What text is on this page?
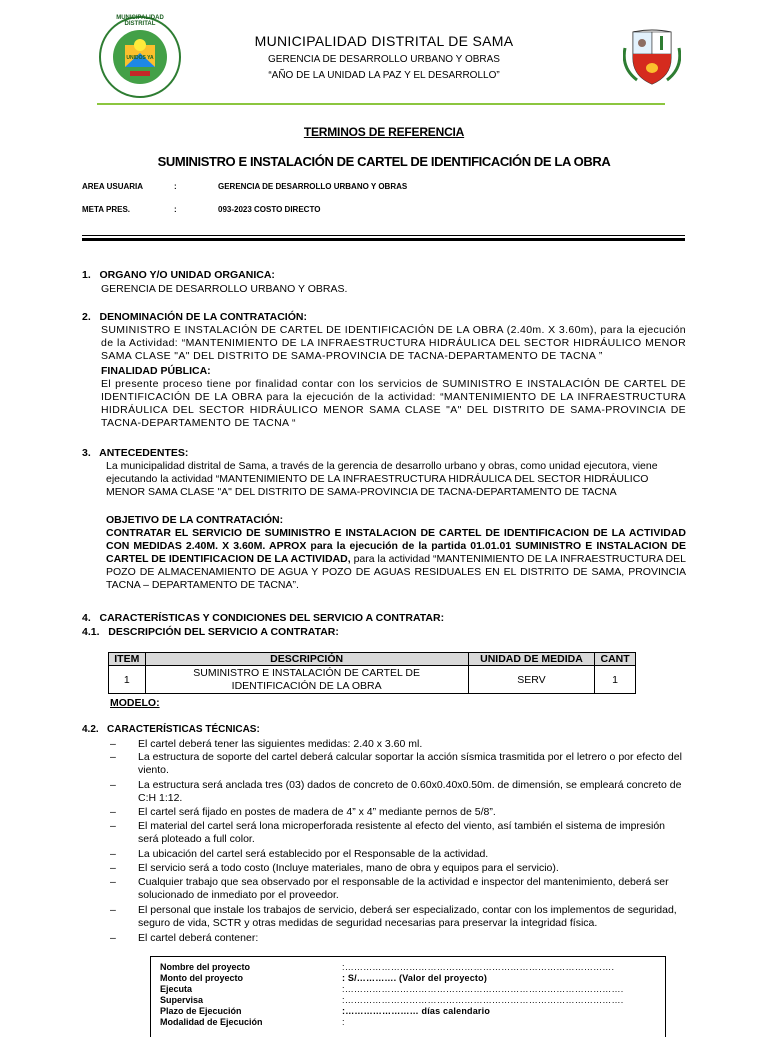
MUNICIPALIDAD DISTRITAL
UNIDOS YA
MUNICIPALIDAD DISTRITAL DE SAMA
GERENCIA DE DESARROLLO URBANO Y OBRAS
“AÑO DE LA UNIDAD LA PAZ Y EL DESARROLLO”
TERMINOS DE REFERENCIA
SUMINISTRO E INSTALACIÓN DE CARTEL DE IDENTIFICACIÓN DE LA OBRA
AREA USUARIA	:	GERENCIA DE DESARROLLO URBANO Y OBRAS
META PRES.	:	093-2023 COSTO DIRECTO
1.   ORGANO Y/O UNIDAD ORGANICA:
GERENCIA DE DESARROLLO URBANO Y OBRAS.
2.   DENOMINACIÓN DE LA CONTRATACIÓN:
SUMINISTRO E INSTALACIÓN DE CARTEL DE IDENTIFICACIÓN DE LA OBRA (2.40m. X 3.60m), para la ejecución de la Actividad: “MANTENIMIENTO DE LA INFRAESTRUCTURA HIDRÁULICA DEL SECTOR HIDRÁULICO MENOR SAMA CLASE "A" DEL DISTRITO DE SAMA-PROVINCIA DE TACNA-DEPARTAMENTO DE TACNA ”
FINALIDAD PÚBLICA:
El presente proceso tiene por finalidad contar con los servicios de SUMINISTRO E INSTALACIÓN DE CARTEL DE IDENTIFICACIÓN DE LA OBRA para la ejecución de la actividad: “MANTENIMIENTO DE LA INFRAESTRUCTURA HIDRÁULICA DEL SECTOR HIDRÁULICO MENOR SAMA CLASE "A" DEL DISTRITO DE SAMA-PROVINCIA DE TACNA-DEPARTAMENTO DE TACNA “
3.   ANTECEDENTES:
La municipalidad distrital de Sama, a través de la gerencia de desarrollo urbano y obras, como unidad ejecutora, viene ejecutando la actividad “MANTENIMIENTO DE LA INFRAESTRUCTURA HIDRÁULICA DEL SECTOR HIDRÁULICO MENOR SAMA CLASE "A" DEL DISTRITO DE SAMA-PROVINCIA DE TACNA-DEPARTAMENTO DE TACNA
OBJETIVO DE LA CONTRATACIÓN:
CONTRATAR EL SERVICIO DE SUMINISTRO E INSTALACION DE CARTEL DE IDENTIFICACION DE LA ACTIVIDAD CON MEDIDAS 2.40M. X 3.60M. APROX para la ejecución de la partida 01.01.01 SUMINISTRO E INSTALACION DE CARTEL DE IDENTIFICACION DE LA ACTIVIDAD, para la actividad “MANTENIMIENTO DE LA INFRAESTRUCTURA DEL POZO DE ALMACENAMIENTO DE AGUA Y POZO DE AGUAS RESIDUALES EN EL DISTRITO DE SAMA, PROVINCIA TACNA – DEPARTAMENTO DE TACNA”.
4.   CARACTERÍSTICAS Y CONDICIONES DEL SERVICIO A CONTRATAR:
4.1.   DESCRIPCIÓN DEL SERVICIO A CONTRATAR:
ITEM	DESCRIPCIÓN	UNIDAD DE MEDIDA	CANT
1	SUMINISTRO E INSTALACIÓN DE CARTEL DE IDENTIFICACIÓN DE LA OBRA	SERV	1
MODELO:
4.2.   CARACTERÍSTICAS TÉCNICAS:
– El cartel deberá tener las siguientes medidas: 2.40 x 3.60 ml.
– La estructura de soporte del cartel deberá calcular soportar la acción sísmica trasmitida por el letrero o por efecto del viento.
– La estructura será anclada tres (03) dados de concreto de 0.60x0.40x0.50m. de dimensión, se empleará concreto de C:H 1:12.
– El cartel será fijado en postes de madera de 4” x 4” mediante pernos de 5/8”.
– El material del cartel será lona microperforada resistente al efecto del viento, así también el sistema de impresión será ploteado a full color.
– La ubicación del cartel será establecido por el Responsable de la actividad.
– El servicio será a todo costo (Incluye materiales, mano de obra y equipos para el servicio).
– Cualquier trabajo que sea observado por el responsable de la actividad e inspector del mantenimiento, deberá ser solucionado de inmediato por el proveedor.
– El personal que instale los trabajos de servicio, deberá ser especializado, contar con los implementos de seguridad, seguro de vida, SCTR y otras medidas de seguridad necesarias para preservar la integridad física.
– El cartel deberá contener:
Nombre del proyecto	:…………………………………………………………………………….
Monto del proyecto	: S/…………. (Valor del proyecto)
Ejecuta	:……………………………………………………………………………….
Supervisa	:……………………………………………………………………………….
Plazo de Ejecución	:…………………… días calendario
Modalidad de Ejecución	:
